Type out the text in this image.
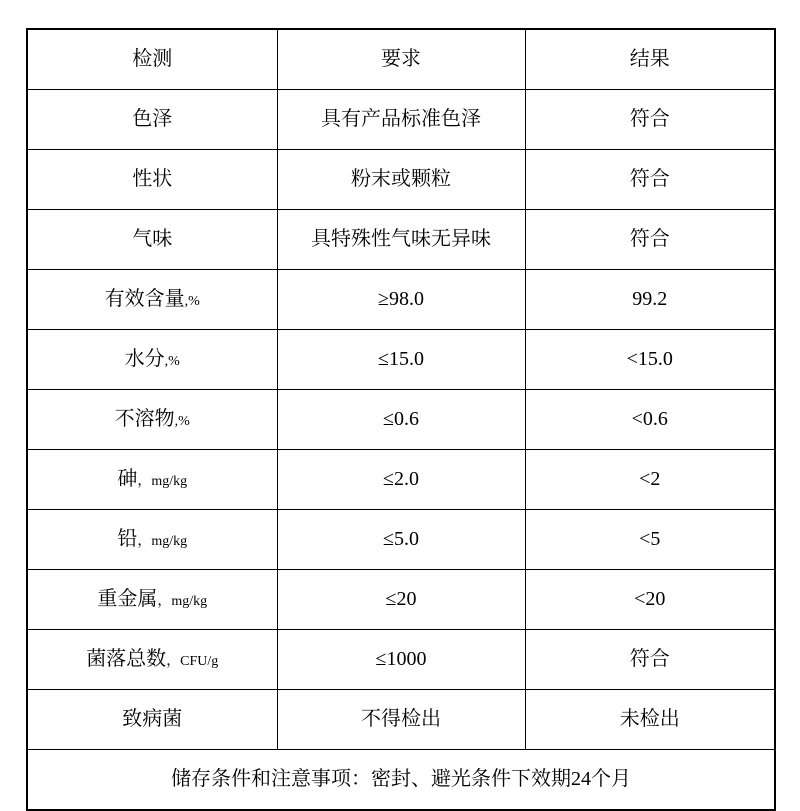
检测	要求	结果
色泽	具有产品标准色泽	符合
性状	粉末或颗粒	符合
气味	具特殊性气味无异味	符合
有效含量,%	≥98.0	99.2
水分,%	≤15.0	<15.0
不溶物,%	≤0.6	<0.6
砷，mg/kg	≤2.0	<2
铅，mg/kg	≤5.0	<5
重金属，mg/kg	≤20	<20
菌落总数，CFU/g	≤1000	符合
致病菌	不得检出	未检出
储存条件和注意事项：密封、避光条件下效期24个月		
